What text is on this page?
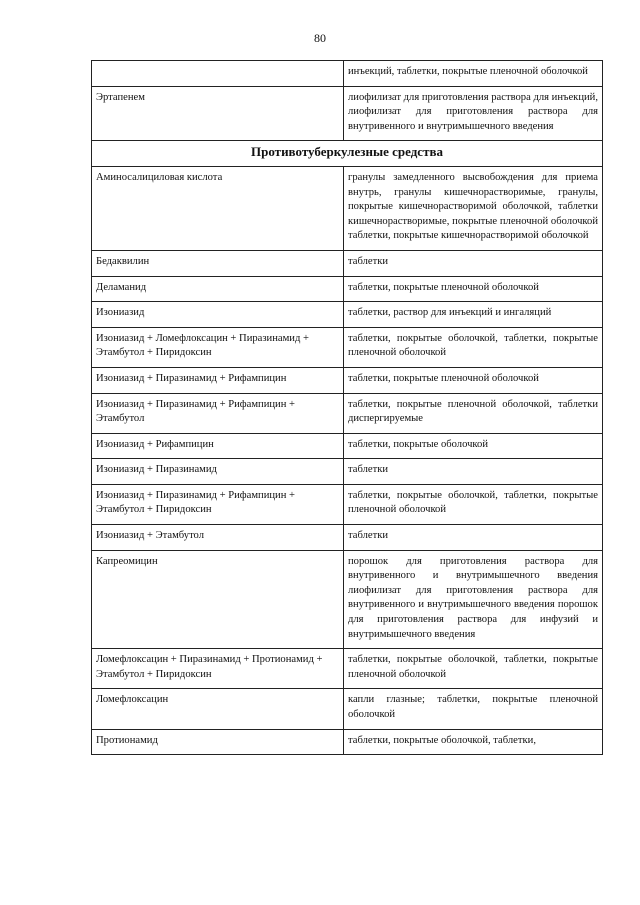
80
	инъекций, таблетки, покрытые пленочной оболочкой
Эртапенем	лиофилизат для приготовления раствора для инъекций, лиофилизат для приготовления раствора для внутривенного и внутримышечного введения
Противотуберкулезные средства	
Аминосалициловая кислота	гранулы замедленного высвобождения для приема внутрь, гранулы кишечнорастворимые, гранулы, покрытые кишечнорастворимой оболочкой, таблетки кишечнорастворимые, покрытые пленочной оболочкой таблетки, покрытые кишечнорастворимой оболочкой
Бедаквилин	таблетки
Деламанид	таблетки, покрытые пленочной оболочкой
Изониазид	таблетки, раствор для инъекций и ингаляций
Изониазид + Ломефлоксацин + Пиразинамид + Этамбутол + Пиридоксин	таблетки, покрытые оболочкой, таблетки, покрытые пленочной оболочкой
Изониазид + Пиразинамид + Рифампицин	таблетки, покрытые пленочной оболочкой
Изониазид + Пиразинамид + Рифампицин + Этамбутол	таблетки, покрытые пленочной оболочкой, таблетки диспергируемые
Изониазид + Рифампицин	таблетки, покрытые оболочкой
Изониазид + Пиразинамид	таблетки
Изониазид + Пиразинамид + Рифампицин + Этамбутол + Пиридоксин	таблетки, покрытые оболочкой, таблетки, покрытые пленочной оболочкой
Изониазид + Этамбутол	таблетки
Капреомицин	порошок для приготовления раствора для внутривенного и внутримышечного введения лиофилизат для приготовления раствора для внутривенного и внутримышечного введения порошок для приготовления раствора для инфузий и внутримышечного введения
Ломефлоксацин + Пиразинамид + Протионамид + Этамбутол + Пиридоксин	таблетки, покрытые оболочкой, таблетки, покрытые пленочной оболочкой
Ломефлоксацин	капли глазные; таблетки, покрытые пленочной оболочкой
Протионамид	таблетки, покрытые оболочкой, таблетки,
